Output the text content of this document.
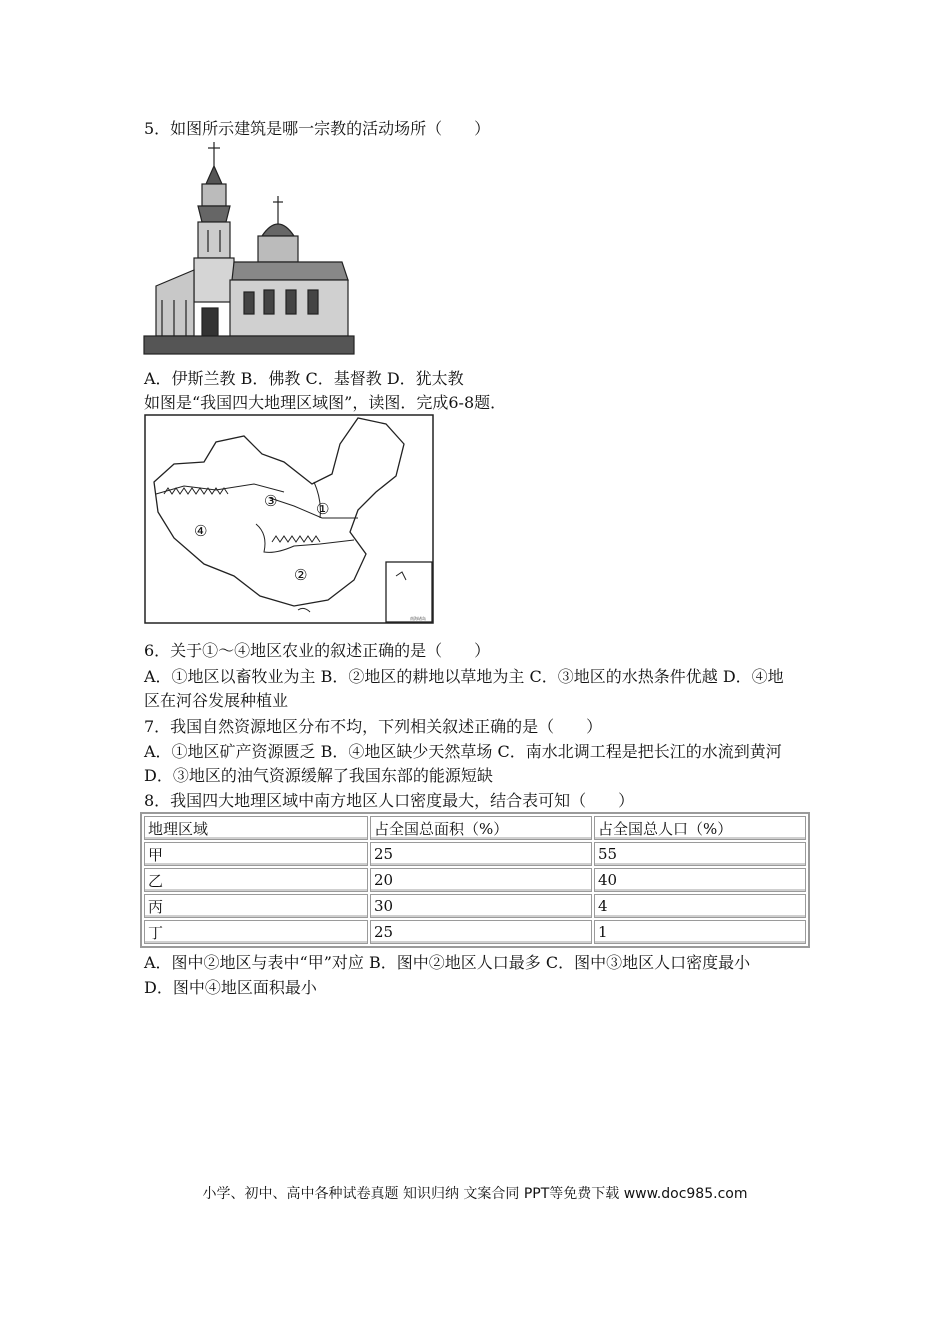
5．如图所示建筑是哪一宗教的活动场所（　　）
A．伊斯兰教 B．佛教 C．基督教 D．犹太教
如图是“我国四大地理区域图”，读图．完成6-8题．
①
②
③
④
南海诸岛
6．关于①～④地区农业的叙述正确的是（　　）
A．①地区以畜牧业为主 B．②地区的耕地以草地为主 C．③地区的水热条件优越 D．④地
区在河谷发展种植业
7．我国自然资源地区分布不均，下列相关叙述正确的是（　　）
A．①地区矿产资源匮乏 B．④地区缺少天然草场 C．南水北调工程是把长江的水流到黄河
D．③地区的油气资源缓解了我国东部的能源短缺
8．我国四大地理区域中南方地区人口密度最大，结合表可知（　　）
地理区域	占全国总面积（%）	占全国总人口（%）
甲	25	55
乙	20	40
丙	30	4
丁	25	1
A．图中②地区与表中“甲”对应 B．图中②地区人口最多 C．图中③地区人口密度最小
D．图中④地区面积最小
小学、初中、高中各种试卷真题 知识归纳 文案合同 PPT等免费下载 www.doc985.com
